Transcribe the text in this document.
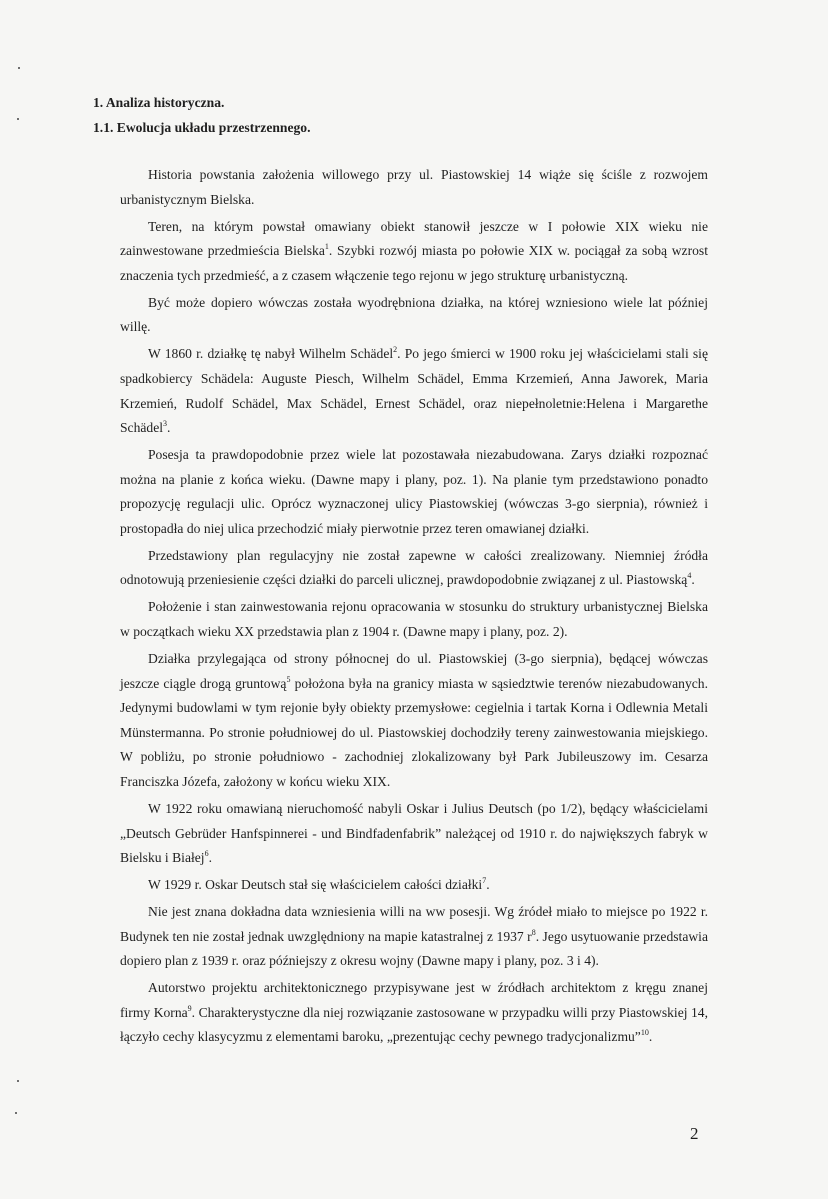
1. Analiza historyczna.
1.1. Ewolucja układu przestrzennego.

Historia powstania założenia willowego przy ul. Piastowskiej 14 wiąże się ściśle z rozwojem urbanistycznym Bielska.

Teren, na którym powstał omawiany obiekt stanowił jeszcze w I połowie XIX wieku nie zainwestowane przedmieścia Bielska$^1$. Szybki rozwój miasta po połowie XIX w. pociągał za sobą wzrost znaczenia tych przedmieść, a z czasem włączenie tego rejonu w jego strukturę urbanistyczną.

Być może dopiero wówczas została wyodrębniona działka, na której wzniesiono wiele lat później willę.

W 1860 r. działkę tę nabył Wilhelm Schädel$^2$. Po jego śmierci w 1900 roku jej właścicielami stali się spadkobiercy Schädela: Auguste Piesch, Wilhelm Schädel, Emma Krzemień, Anna Jaworek, Maria Krzemień, Rudolf Schädel, Max Schädel, Ernest Schädel, oraz niepełnoletnie:Helena i Margarethe Schädel$^3$.

Posesja ta prawdopodobnie przez wiele lat pozostawała niezabudowana. Zarys działki rozpoznać można na planie z końca wieku. (Dawne mapy i plany, poz. 1). Na planie tym przedstawiono ponadto propozycję regulacji ulic. Oprócz wyznaczonej ulicy Piastowskiej (wówczas 3-go sierpnia), również i prostopadła do niej ulica przechodzić miały pierwotnie przez teren omawianej działki.

Przedstawiony plan regulacyjny nie został zapewne w całości zrealizowany. Niemniej źródła odnotowują przeniesienie części działki do parceli ulicznej, prawdopodobnie związanej z ul. Piastowską$^4$.

Położenie i stan zainwestowania rejonu opracowania w stosunku do struktury urbanistycznej Bielska w początkach wieku XX przedstawia plan z 1904 r. (Dawne mapy i plany, poz. 2).

Działka przylegająca od strony północnej do ul. Piastowskiej (3-go sierpnia), będącej wówczas jeszcze ciągle drogą gruntową$^5$ położona była na granicy miasta w sąsiedztwie terenów niezabudowanych. Jedynymi budowlami w tym rejonie były obiekty przemysłowe: cegielnia i tartak Korna i Odlewnia Metali Münstermanna. Po stronie południowej do ul. Piastowskiej dochodziły tereny zainwestowania miejskiego. W pobliżu, po stronie południowo - zachodniej zlokalizowany był Park Jubileuszowy im. Cesarza Franciszka Józefa, założony w końcu wieku XIX.

W 1922 roku omawianą nieruchomość nabyli Oskar i Julius Deutsch (po 1/2), będący właścicielami „Deutsch Gebrüder Hanfspinnerei - und Bindfadenfabrik” należącej od 1910 r. do największych fabryk w Bielsku i Białej$^6$.

W 1929 r. Oskar Deutsch stał się właścicielem całości działki$^7$.

Nie jest znana dokładna data wzniesienia willi na ww posesji. Wg źródeł miało to miejsce po 1922 r. Budynek ten nie został jednak uwzględniony na mapie katastralnej z 1937 $r^8$. Jego usytuowanie przedstawia dopiero plan z 1939 r. oraz późniejszy z okresu wojny (Dawne mapy i plany, poz. 3 i 4).

Autorstwo projektu architektonicznego przypisywane jest w źródłach architektom z kręgu znanej firmy Korna$^9$. Charakterystyczne dla niej rozwiązanie zastosowane w przypadku willi przy Piastowskiej 14, łączyło cechy klasycyzmu z elementami baroku, „prezentując cechy pewnego tradycjonalizmu”$^{10}$.

2
